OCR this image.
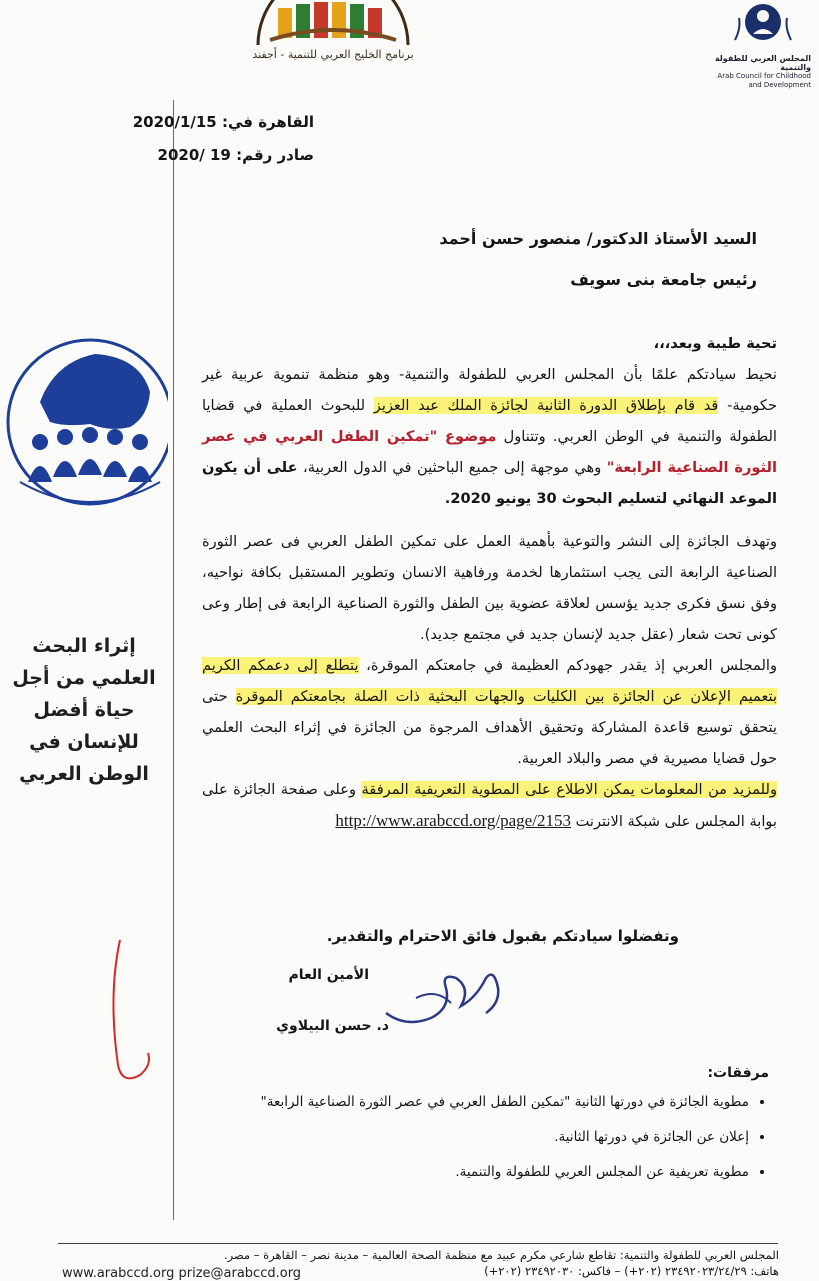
برنامج الخليج العربي للتنمية - أجفند	المجلس العربي للطفولة والتنمية
Arab Council for Childhood and Development
القاهرة في: 2020/1/15
صادر رقم: 2020/ 19
السيد الأستاذ الدكتور/ منصور حسن أحمد
رئيس جامعة بنى سويف

تحية طيبة وبعد،،،

نحيط سيادتكم علمًا بأن المجلس العربي للطفولة والتنمية- وهو منظمة تنموية عربية غير حكومية- قد قام بإطلاق الدورة الثانية لجائزة الملك عبد العزيز للبحوث العملية في قضايا الطفولة والتنمية في الوطن العربي. وتتناول موضوع "تمكين الطفل العربي في عصر الثورة الصناعية الرابعة" وهي موجهة إلى جميع الباحثين في الدول العربية، على أن يكون الموعد النهائي لتسليم البحوث 30 يونيو 2020.

وتهدف الجائزة إلى النشر والتوعية بأهمية العمل على تمكين الطفل العربي فى عصر الثورة الصناعية الرابعة التى يجب استثمارها لخدمة ورفاهية الانسان وتطوير المستقبل بكافة نواحيه، وفق نسق فكرى جديد يؤسس لعلاقة عضوية بين الطفل والثورة الصناعية الرابعة فى إطار وعى كونى تحت شعار (عقل جديد لإنسان جديد في مجتمع جديد).

والمجلس العربي إذ يقدر جهودكم العظيمة في جامعتكم الموقرة، يتطلع إلى دعمكم الكريم بتعميم الإعلان عن الجائزة بين الكليات والجهات البحثية ذات الصلة بجامعتكم الموقرة حتى يتحقق توسيع قاعدة المشاركة وتحقيق الأهداف المرجوة من الجائزة في إثراء البحث العلمي حول قضايا مصيرية في مصر والبلاد العربية.

وللمزيد من المعلومات يمكن الاطلاع على المطوية التعريفية المرفقة وعلى صفحة الجائزة على بوابة المجلس على شبكة الانترنت http://www.arabccd.org/page/2153

وتفضلوا سيادتكم بقبول فائق الاحترام والتقدير.
الأمين العام
د. حسن البيلاوي
مرفقات:
• مطوية الجائزة في دورتها الثانية "تمكين الطفل العربي في عصر الثورة الصناعية الرابعة"
• إعلان عن الجائزة في دورتها الثانية.
• مطوية تعريفية عن المجلس العربي للطفولة والتنمية.
المجلس العربي للطفولة والتنمية: تقاطع شارعي مكرم عبيد مع منظمة الصحة العالمية – مدينة نصر – القاهرة – مصر.
هاتف: ٢٣٤٩٢٠٢٣/٢٤/٢٩ (٢٠٢+) – فاكس: ٢٣٤٩٢٠٣٠ (٢٠٢+)
www.arabccd.org prize@arabccd.org
إثراء البحث العلمي من أجل حياة أفضل للإنسان في الوطن العربي
